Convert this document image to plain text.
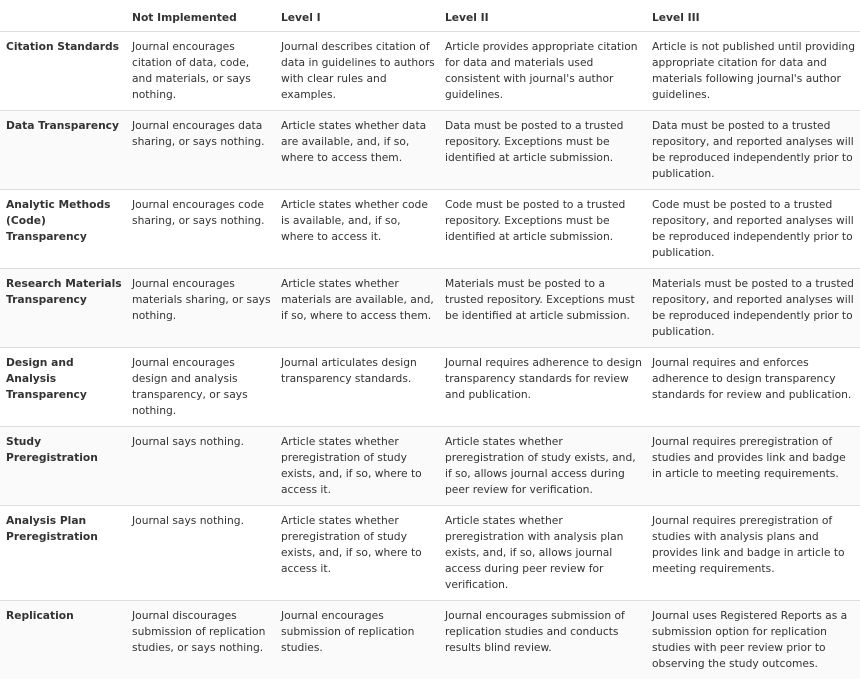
	Not Implemented	Level I	Level II	Level III
Citation Standards	Journal encourages citation of data, code, and materials, or says nothing.	Journal describes citation of data in guidelines to authors with clear rules and examples.	Article provides appropriate citation for data and materials used consistent with journal's author guidelines.	Article is not published until providing appropriate citation for data and materials following journal's author guidelines.
Data Transparency	Journal encourages data sharing, or says nothing.	Article states whether data are available, and, if so, where to access them.	Data must be posted to a trusted repository. Exceptions must be identified at article submission.	Data must be posted to a trusted repository, and reported analyses will be reproduced independently prior to publication.
Analytic Methods (Code) Transparency	Journal encourages code sharing, or says nothing.	Article states whether code is available, and, if so, where to access it.	Code must be posted to a trusted repository. Exceptions must be identified at article submission.	Code must be posted to a trusted repository, and reported analyses will be reproduced independently prior to publication.
Research Materials Transparency	Journal encourages materials sharing, or says nothing.	Article states whether materials are available, and, if so, where to access them.	Materials must be posted to a trusted repository. Exceptions must be identified at article submission.	Materials must be posted to a trusted repository, and reported analyses will be reproduced independently prior to publication.
Design and Analysis Transparency	Journal encourages design and analysis transparency, or says nothing.	Journal articulates design transparency standards.	Journal requires adherence to design transparency standards for review and publication.	Journal requires and enforces adherence to design transparency standards for review and publication.
Study Preregistration	Journal says nothing.	Article states whether preregistration of study exists, and, if so, where to access it.	Article states whether preregistration of study exists, and, if so, allows journal access during peer review for verification.	Journal requires preregistration of studies and provides link and badge in article to meeting requirements.
Analysis Plan Preregistration	Journal says nothing.	Article states whether preregistration of study exists, and, if so, where to access it.	Article states whether preregistration with analysis plan exists, and, if so, allows journal access during peer review for verification.	Journal requires preregistration of studies with analysis plans and provides link and badge in article to meeting requirements.
Replication	Journal discourages submission of replication studies, or says nothing.	Journal encourages submission of replication studies.	Journal encourages submission of replication studies and conducts results blind review.	Journal uses Registered Reports as a submission option for replication studies with peer review prior to observing the study outcomes.
